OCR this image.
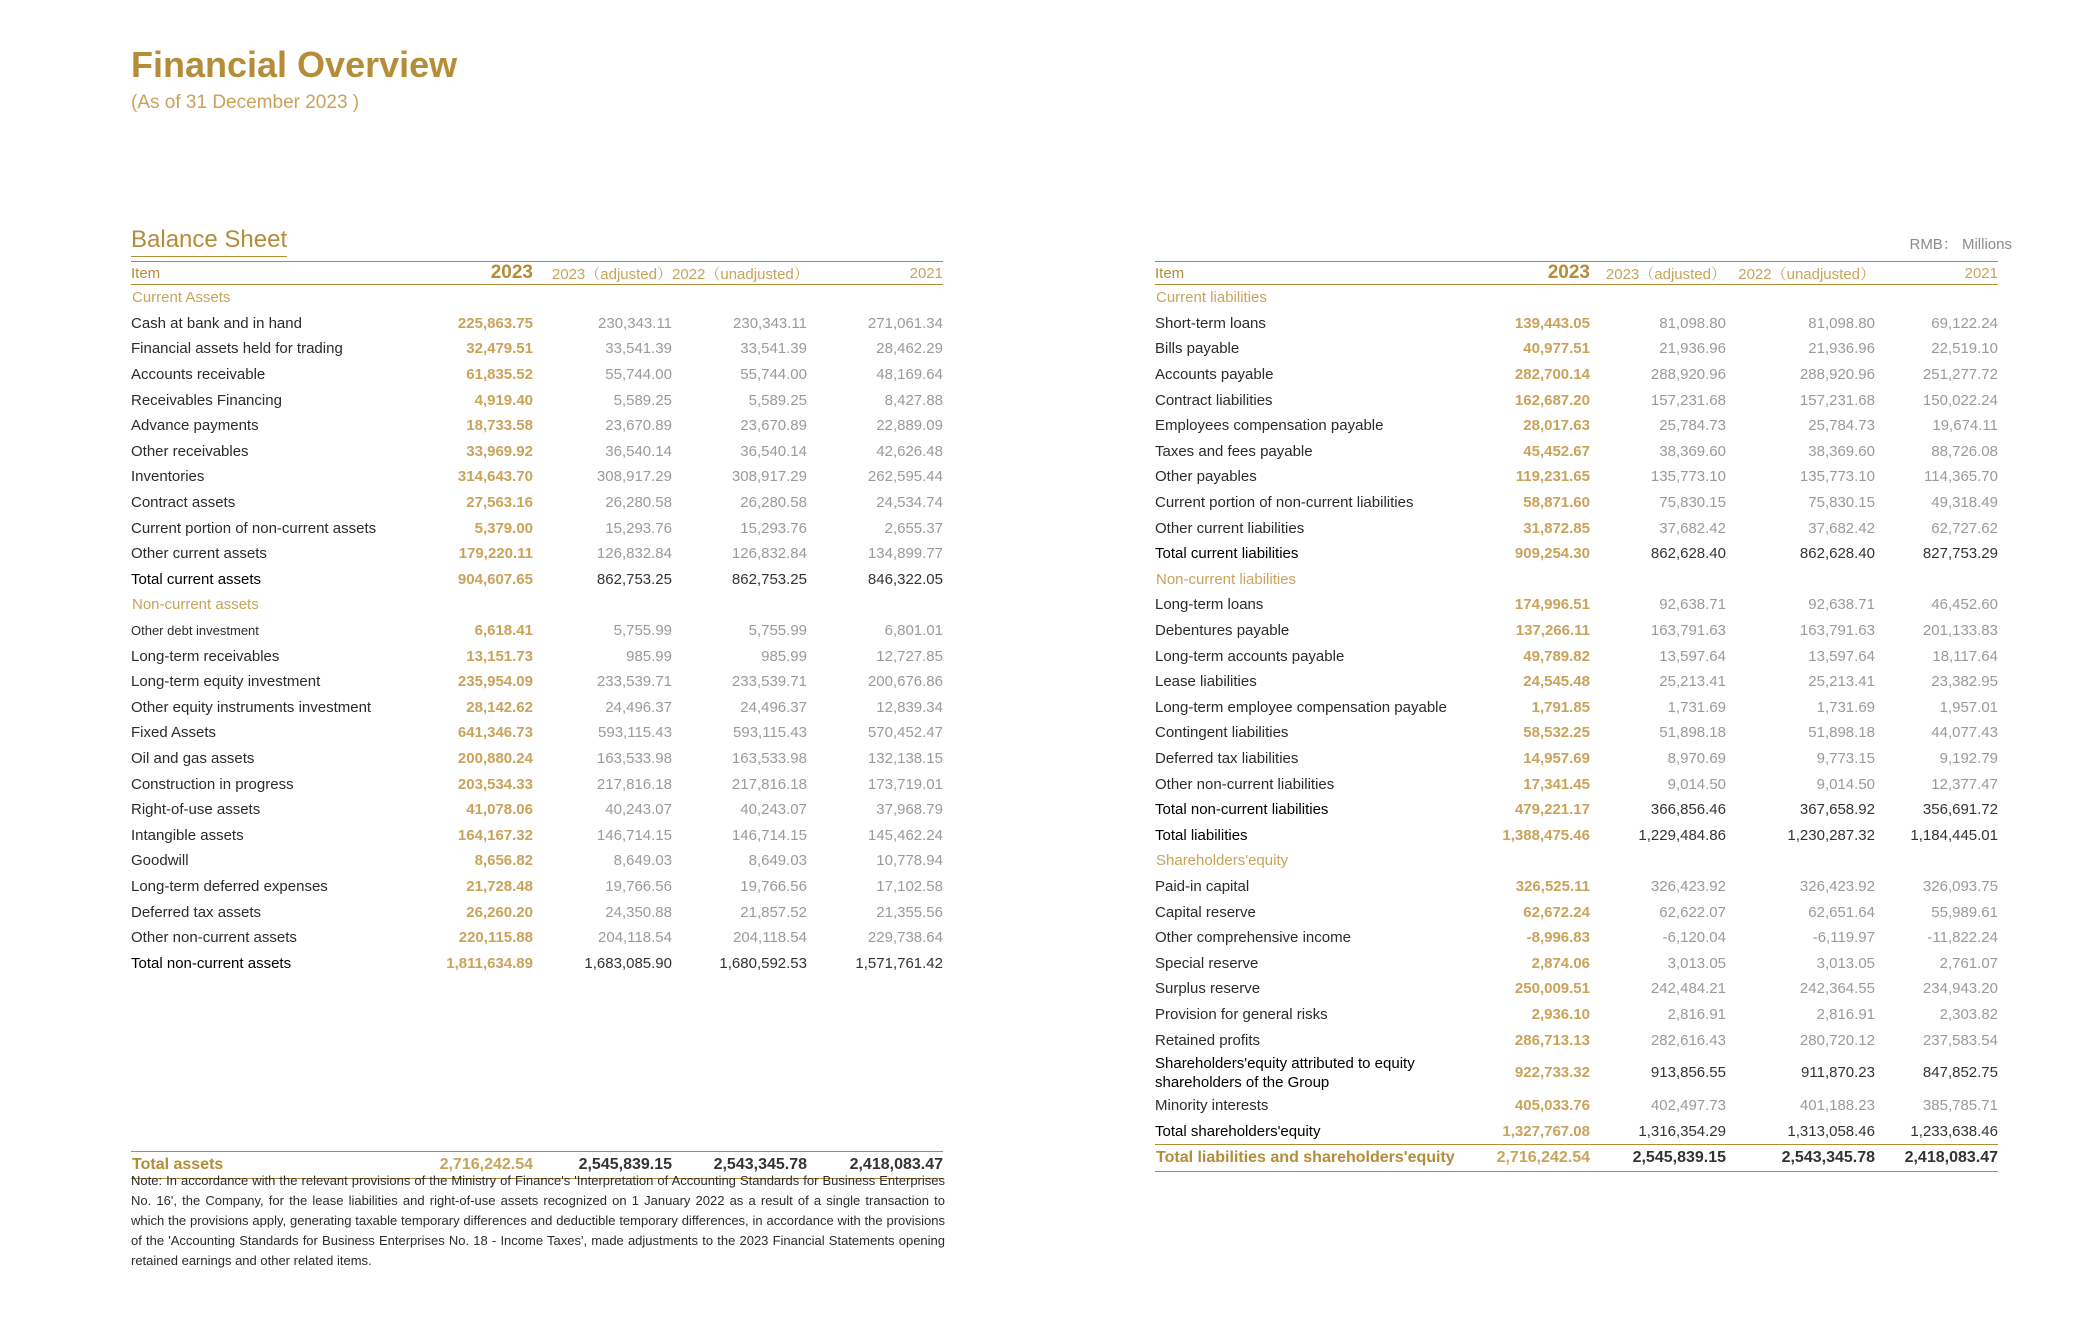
Financial Overview
(As of 31 December 2023 )
Balance Sheet	RMB： Millions
Item	2023	2023（adjusted）	2022（unadjusted）	2021
Current Assets				
Cash at bank and in hand	225,863.75	230,343.11	230,343.11	271,061.34
Financial assets held for trading	32,479.51	33,541.39	33,541.39	28,462.29
Accounts receivable	61,835.52	55,744.00	55,744.00	48,169.64
Receivables Financing	4,919.40	5,589.25	5,589.25	8,427.88
Advance payments	18,733.58	23,670.89	23,670.89	22,889.09
Other receivables	33,969.92	36,540.14	36,540.14	42,626.48
Inventories	314,643.70	308,917.29	308,917.29	262,595.44
Contract assets	27,563.16	26,280.58	26,280.58	24,534.74
Current portion of non-current assets	5,379.00	15,293.76	15,293.76	2,655.37
Other current assets	179,220.11	126,832.84	126,832.84	134,899.77
Total current assets	904,607.65	862,753.25	862,753.25	846,322.05
Non-current assets				
Other debt investment	6,618.41	5,755.99	5,755.99	6,801.01
Long-term receivables	13,151.73	985.99	985.99	12,727.85
Long-term equity investment	235,954.09	233,539.71	233,539.71	200,676.86
Other equity instruments investment	28,142.62	24,496.37	24,496.37	12,839.34
Fixed Assets	641,346.73	593,115.43	593,115.43	570,452.47
Oil and gas assets	200,880.24	163,533.98	163,533.98	132,138.15
Construction in progress	203,534.33	217,816.18	217,816.18	173,719.01
Right-of-use assets	41,078.06	40,243.07	40,243.07	37,968.79
Intangible assets	164,167.32	146,714.15	146,714.15	145,462.24
Goodwill	8,656.82	8,649.03	8,649.03	10,778.94
Long-term deferred expenses	21,728.48	19,766.56	19,766.56	17,102.58
Deferred tax assets	26,260.20	24,350.88	21,857.52	21,355.56
Other non-current assets	220,115.88	204,118.54	204,118.54	229,738.64
Total non-current assets	1,811,634.89	1,683,085.90	1,680,592.53	1,571,761.42

Total assets	2,716,242.54	2,545,839.15	2,543,345.78	2,418,083.47
Item	2023	2023（adjusted）	2022（unadjusted）	2021
Current liabilities				
Short-term loans	139,443.05	81,098.80	81,098.80	69,122.24
Bills payable	40,977.51	21,936.96	21,936.96	22,519.10
Accounts payable	282,700.14	288,920.96	288,920.96	251,277.72
Contract liabilities	162,687.20	157,231.68	157,231.68	150,022.24
Employees compensation payable	28,017.63	25,784.73	25,784.73	19,674.11
Taxes and fees payable	45,452.67	38,369.60	38,369.60	88,726.08
Other payables	119,231.65	135,773.10	135,773.10	114,365.70
Current portion of non-current liabilities	58,871.60	75,830.15	75,830.15	49,318.49
Other current liabilities	31,872.85	37,682.42	37,682.42	62,727.62
Total current liabilities	909,254.30	862,628.40	862,628.40	827,753.29
Non-current liabilities				
Long-term loans	174,996.51	92,638.71	92,638.71	46,452.60
Debentures payable	137,266.11	163,791.63	163,791.63	201,133.83
Long-term accounts payable	49,789.82	13,597.64	13,597.64	18,117.64
Lease liabilities	24,545.48	25,213.41	25,213.41	23,382.95
Long-term employee compensation payable	1,791.85	1,731.69	1,731.69	1,957.01
Contingent liabilities	58,532.25	51,898.18	51,898.18	44,077.43
Deferred tax liabilities	14,957.69	8,970.69	9,773.15	9,192.79
Other non-current liabilities	17,341.45	9,014.50	9,014.50	12,377.47
Total non-current liabilities	479,221.17	366,856.46	367,658.92	356,691.72
Total liabilities	1,388,475.46	1,229,484.86	1,230,287.32	1,184,445.01
Shareholders'equity				
Paid-in capital	326,525.11	326,423.92	326,423.92	326,093.75
Capital reserve	62,672.24	62,622.07	62,651.64	55,989.61
Other comprehensive income	-8,996.83	-6,120.04	-6,119.97	-11,822.24
Special reserve	2,874.06	3,013.05	3,013.05	2,761.07
Surplus reserve	250,009.51	242,484.21	242,364.55	234,943.20
Provision for general risks	2,936.10	2,816.91	2,816.91	2,303.82
Retained profits	286,713.13	282,616.43	280,720.12	237,583.54
Shareholders'equity attributed to equity shareholders of the Group	922,733.32	913,856.55	911,870.23	847,852.75
Minority interests	405,033.76	402,497.73	401,188.23	385,785.71
Total shareholders'equity	1,327,767.08	1,316,354.29	1,313,058.46	1,233,638.46
Total liabilities and shareholders'equity	2,716,242.54	2,545,839.15	2,543,345.78	2,418,083.47
Note: In accordance with the relevant provisions of the Ministry of Finance's 'Interpretation of Accounting Standards for Business Enterprises No. 16', the Company, for the lease liabilities and right-of-use assets recognized on 1 January 2022 as a result of a single transaction to which the provisions apply, generating taxable temporary differences and deductible temporary differences, in accordance with the provisions of the 'Accounting Standards for Business Enterprises No. 18 - Income Taxes', made adjustments to the 2023 Financial Statements opening retained earnings and other related items.
